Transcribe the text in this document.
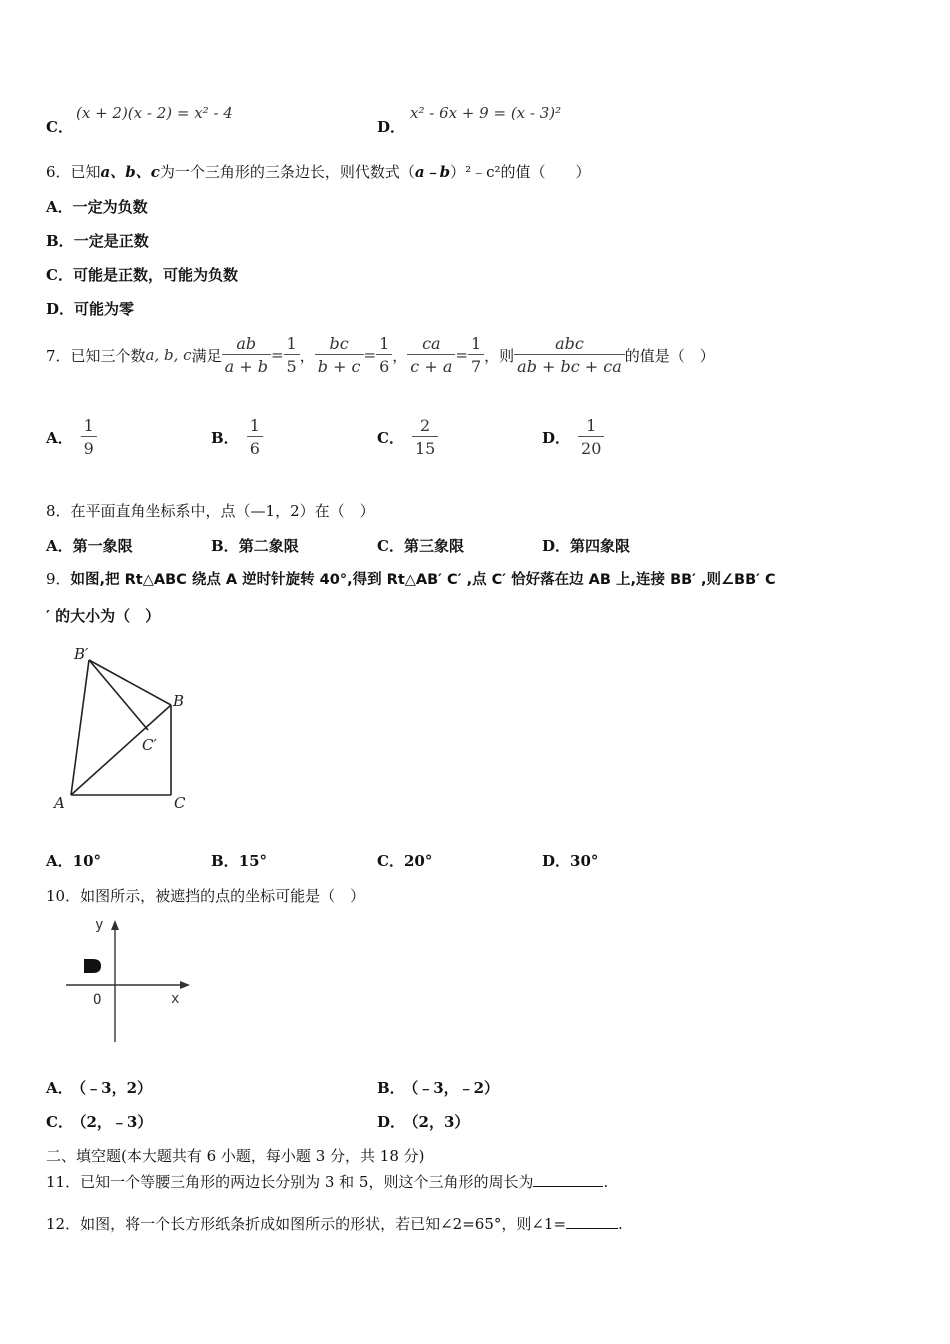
C．
(x + 2)(x - 2) = x² - 4
D．
x² - 6x + 9 = (x - 3)²
6．已知a、b、c为一个三角形的三条边长，则代数式（a﹣b）²﹣c²的值（　　）
A．一定为负数
B．一定是正数
C．可能是正数，可能为负数
D．可能为零
7．已知三个数 a, b, c 满足 $\frac{ab}{a + b} = \frac{1}{5}$ ， $\frac{bc}{b + c} = \frac{1}{6}$ ， $\frac{ca}{c + a} = \frac{1}{7}$ ，则 $\frac{\text{abc}}{ab + bc + ca}$ 的值是（　）
A． $\frac{1}{9}$	B． $\frac{1}{6}$	C． $\frac{2}{15}$	D． $\frac{1}{20}$
8．在平面直角坐标系中，点（—1，2）在（　）
A．第一象限	B．第二象限	C．第三象限	D．第四象限
9．如图,把 Rt△ABC 绕点 A 逆时针旋转 40°,得到 Rt△AB′ C′ ,点 C′ 恰好落在边 AB 上,连接 BB′ ,则∠BB′ C
′ 的大小为（　）
B′
B
C′
A	C
A．10°	B．15°	C．20°	D．30°
10．如图所示，被遮挡的点的坐标可能是（　）
y
x
O
A． （﹣3，2）	B． （﹣3，﹣2）
C． （2，﹣3）	D． （2，3）
二、填空题(本大题共有 6 小题，每小题 3 分，共 18 分)
11．已知一个等腰三角形的两边长分别为 3 和 5，则这个三角形的周长为	.
12．如图，将一个长方形纸条折成如图所示的形状，若已知∠2=65°，则∠1=	.
